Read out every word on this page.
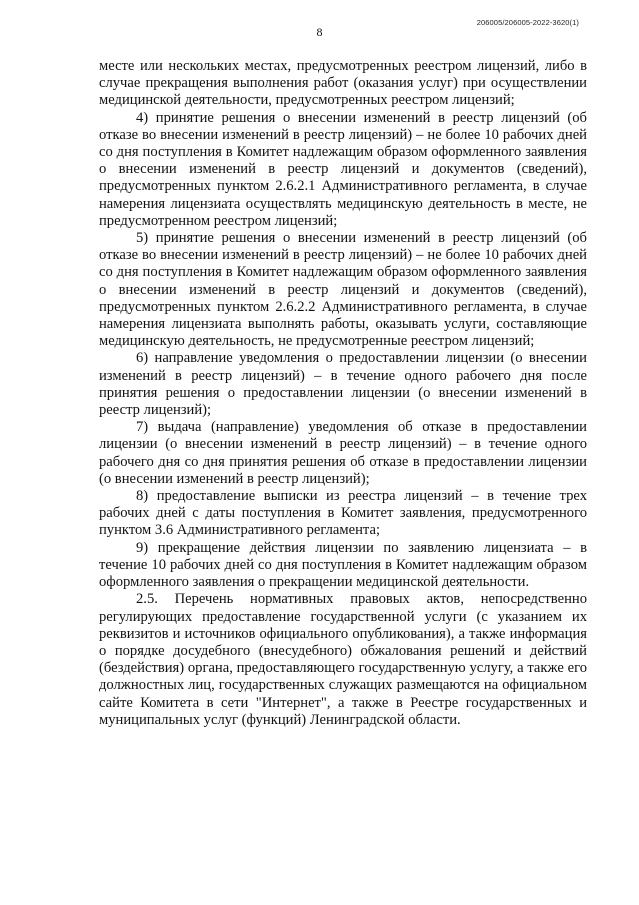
206005/206005-2022-3620(1)
8

месте или нескольких местах, предусмотренных реестром лицензий, либо в случае прекращения выполнения работ (оказания услуг) при осуществлении медицинской деятельности, предусмотренных реестром лицензий;

4) принятие решения о внесении изменений в реестр лицензий (об отказе во внесении изменений в реестр лицензий) – не более 10 рабочих дней со дня поступления в Комитет надлежащим образом оформленного заявления о внесении изменений в реестр лицензий и документов (сведений), предусмотренных пунктом 2.6.2.1 Административного регламента, в случае намерения лицензиата осуществлять медицинскую деятельность в месте, не предусмотренном реестром лицензий;

5) принятие решения о внесении изменений в реестр лицензий (об отказе во внесении изменений в реестр лицензий) – не более 10 рабочих дней со дня поступления в Комитет надлежащим образом оформленного заявления о внесении изменений в реестр лицензий и документов (сведений), предусмотренных пунктом 2.6.2.2 Административного регламента, в случае намерения лицензиата выполнять работы, оказывать услуги, составляющие медицинскую деятельность, не предусмотренные реестром лицензий;

6) направление уведомления о предоставлении лицензии (о внесении изменений в реестр лицензий) – в течение одного рабочего дня после принятия решения о предоставлении лицензии (о внесении изменений в реестр лицензий);

7) выдача (направление) уведомления об отказе в предоставлении лицензии (о внесении изменений в реестр лицензий) – в течение одного рабочего дня со дня принятия решения об отказе в предоставлении лицензии (о внесении изменений в реестр лицензий);

8) предоставление выписки из реестра лицензий – в течение трех рабочих дней с даты поступления в Комитет заявления, предусмотренного пунктом 3.6 Административного регламента;

9) прекращение действия лицензии по заявлению лицензиата – в течение 10 рабочих дней со дня поступления в Комитет надлежащим образом оформленного заявления о прекращении медицинской деятельности.

2.5. Перечень нормативных правовых актов, непосредственно регулирующих предоставление государственной услуги (с указанием их реквизитов и источников официального опубликования), а также информация о порядке досудебного (внесудебного) обжалования решений и действий (бездействия) органа, предоставляющего государственную услугу, а также его должностных лиц, государственных служащих размещаются на официальном сайте Комитета в сети "Интернет", а также в Реестре государственных и муниципальных услуг (функций) Ленинградской области.
